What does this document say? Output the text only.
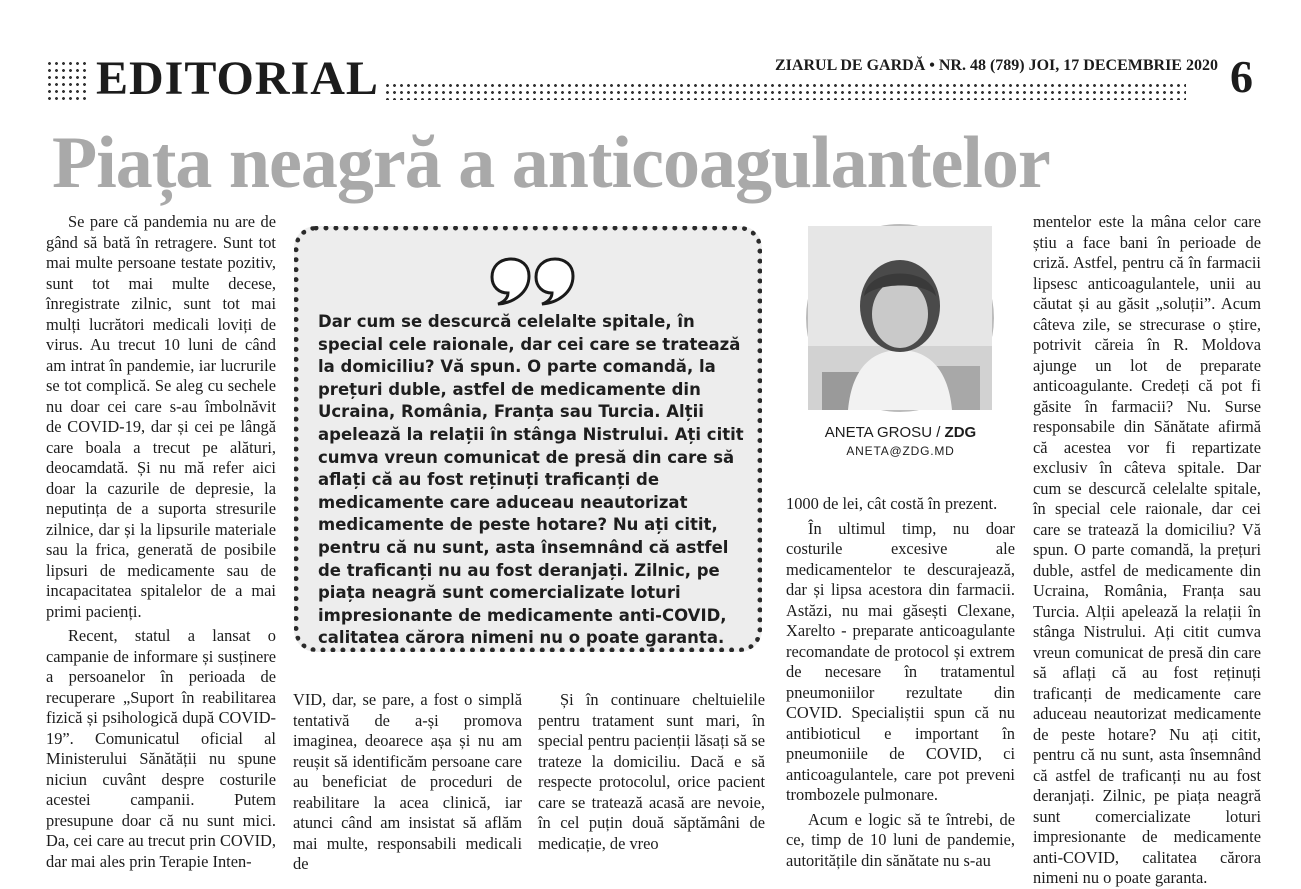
EDITORIAL	ZIARUL DE GARDĂ • NR. 48 (789) JOI, 17 DECEMBRIE 2020 6
Piața neagră a anticoagulantelor

Se pare că pandemia nu are de gând să bată în retragere. Sunt tot mai multe persoane testate pozitiv, sunt tot mai multe decese, înregistrate zilnic, sunt tot mai mulți lucrători medicali loviți de virus. Au trecut 10 luni de când am intrat în pandemie, iar lucrurile se tot complică. Se aleg cu sechele nu doar cei care s-au îmbolnăvit de COVID-19, dar și cei pe lângă care boala a trecut pe alături, deocamdată. Și nu mă refer aici doar la cazurile de depresie, la neputința de a suporta stresurile zilnice, dar și la lipsurile materiale sau la frica, generată de posibile lipsuri de medicamente sau de incapacitatea spitalelor de a mai primi pacienți.

Recent, statul a lansat o campanie de informare și susținere a persoanelor în perioada de recuperare „Suport în reabilitarea fizică și psihologică după COVID-19”. Comunicatul oficial al Ministerului Sănătății nu spune niciun cuvânt despre costurile acestei campanii. Putem presupune doar că nu sunt mici. Da, cei care au trecut prin COVID, dar mai ales prin Terapie Inten-

Dar cum se descurcă celelalte spitale, în special cele raionale, dar cei care se tratează la domiciliu? Vă spun. O parte comandă, la prețuri duble, astfel de medicamente din Ucraina, România, Franța sau Turcia. Alții apelează la relații în stânga Nistrului. Ați citit cumva vreun comunicat de presă din care să aflați că au fost reținuți traficanți de medicamente care aduceau neautorizat medicamente de peste hotare? Nu ați citit, pentru că nu sunt, asta însemnând că astfel de traficanți nu au fost deranjați. Zilnic, pe piața neagră sunt comercializate loturi impresionante de medicamente anti-COVID, calitatea cărora nimeni nu o poate garanta.

VID, dar, se pare, a fost o simplă tentativă de a-și promova imaginea, deoarece așa și nu am reușit să identificăm persoane care au beneficiat de proceduri de reabilitare la acea clinică, iar atunci când am insistat să aflăm mai multe, responsabili medicali de

Și în continuare cheltuielile pentru tratament sunt mari, în special pentru pacienții lăsați să se trateze la domiciliu. Dacă e să respecte protocolul, orice pacient care se tratează acasă are nevoie, în cel puțin două săptămâni de medicație, de vreo

ANETA GROSU / ZDG
ANETA@ZDG.MD

1000 de lei, cât costă în prezent.

În ultimul timp, nu doar costurile excesive ale medicamentelor te descurajează, dar și lipsa acestora din farmacii. Astăzi, nu mai găsești Clexane, Xarelto - preparate anticoagulante recomandate de protocol și extrem de necesare în tratamentul pneumoniilor rezultate din COVID. Specialiștii spun că nu antibioticul e important în pneumoniile de COVID, ci anticoagulantele, care pot preveni trombozele pulmonare.

Acum e logic să te întrebi, de ce, timp de 10 luni de pandemie, autoritățile din sănătate nu s-au

mentelor este la mâna celor care știu a face bani în perioade de criză. Astfel, pentru că în farmacii lipsesc anticoagulantele, unii au căutat și au găsit „soluții”. Acum câteva zile, se strecurase o știre, potrivit căreia în R. Moldova ajunge un lot de preparate anticoagulante. Credeți că pot fi găsite în farmacii? Nu. Surse responsabile din Sănătate afirmă că acestea vor fi repartizate exclusiv în câteva spitale. Dar cum se descurcă celelalte spitale, în special cele raionale, dar cei care se tratează la domiciliu? Vă spun. O parte comandă, la prețuri duble, astfel de medicamente din Ucraina, România, Franța sau Turcia. Alții apelează la relații în stânga Nistrului. Ați citit cumva vreun comunicat de presă din care să aflați că au fost reținuți traficanți de medicamente care aduceau neautorizat medicamente de peste hotare? Nu ați citit, pentru că nu sunt, asta însemnând că astfel de traficanți nu au fost deranjați. Zilnic, pe piața neagră sunt comercializate loturi impresionante de medicamente anti-COVID, calitatea cărora nimeni nu o poate garanta.
